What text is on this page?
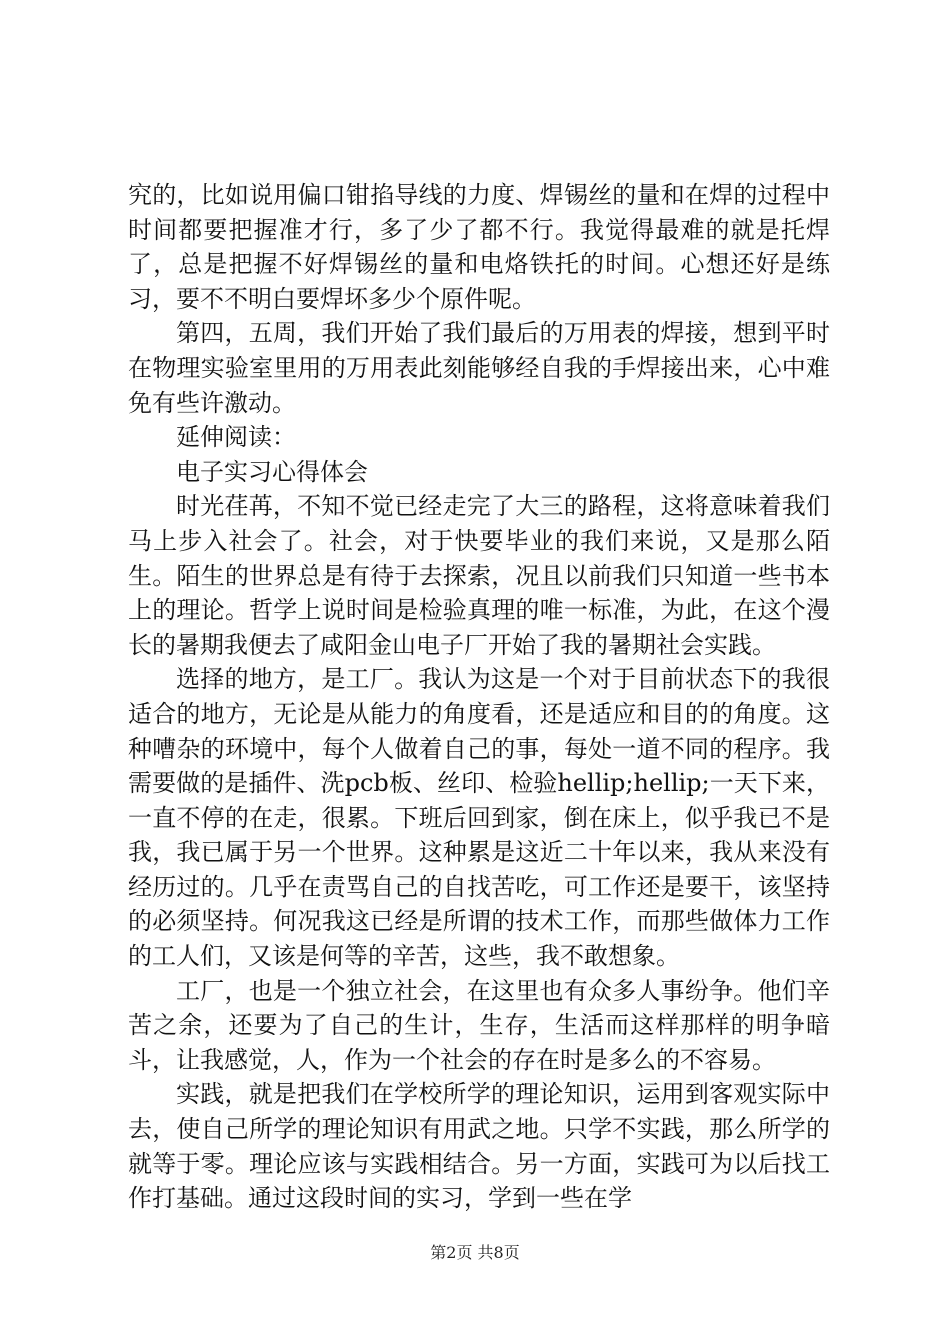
究的，比如说用偏口钳掐导线的力度、焊锡丝的量和在焊的过程中时间都要把握准才行，多了少了都不行。我觉得最难的就是托焊了，总是把握不好焊锡丝的量和电烙铁托的时间。心想还好是练习，要不不明白要焊坏多少个原件呢。

第四，五周，我们开始了我们最后的万用表的焊接，想到平时在物理实验室里用的万用表此刻能够经自我的手焊接出来，心中难免有些许激动。

延伸阅读：

电子实习心得体会

时光荏苒，不知不觉已经走完了大三的路程，这将意味着我们马上步入社会了。社会，对于快要毕业的我们来说，又是那么陌生。陌生的世界总是有待于去探索，况且以前我们只知道一些书本上的理论。哲学上说时间是检验真理的唯一标准，为此，在这个漫长的暑期我便去了咸阳金山电子厂开始了我的暑期社会实践。

选择的地方，是工厂。我认为这是一个对于目前状态下的我很适合的地方，无论是从能力的角度看，还是适应和目的的角度。这种嘈杂的环境中，每个人做着自己的事，每处一道不同的程序。我需要做的是插件、洗pcb板、丝印、检验hellip;hellip;一天下来，一直不停的在走，很累。下班后回到家，倒在床上，似乎我已不是我，我已属于另一个世界。这种累是这近二十年以来，我从来没有经历过的。几乎在责骂自己的自找苦吃，可工作还是要干，该坚持的必须坚持。何况我这已经是所谓的技术工作，而那些做体力工作的工人们，又该是何等的辛苦，这些，我不敢想象。

工厂，也是一个独立社会，在这里也有众多人事纷争。他们辛苦之余，还要为了自己的生计，生存，生活而这样那样的明争暗斗，让我感觉，人，作为一个社会的存在时是多么的不容易。

实践，就是把我们在学校所学的理论知识，运用到客观实际中去，使自己所学的理论知识有用武之地。只学不实践，那么所学的就等于零。理论应该与实践相结合。另一方面，实践可为以后找工作打基础。通过这段时间的实习，学到一些在学

第2页 共8页
